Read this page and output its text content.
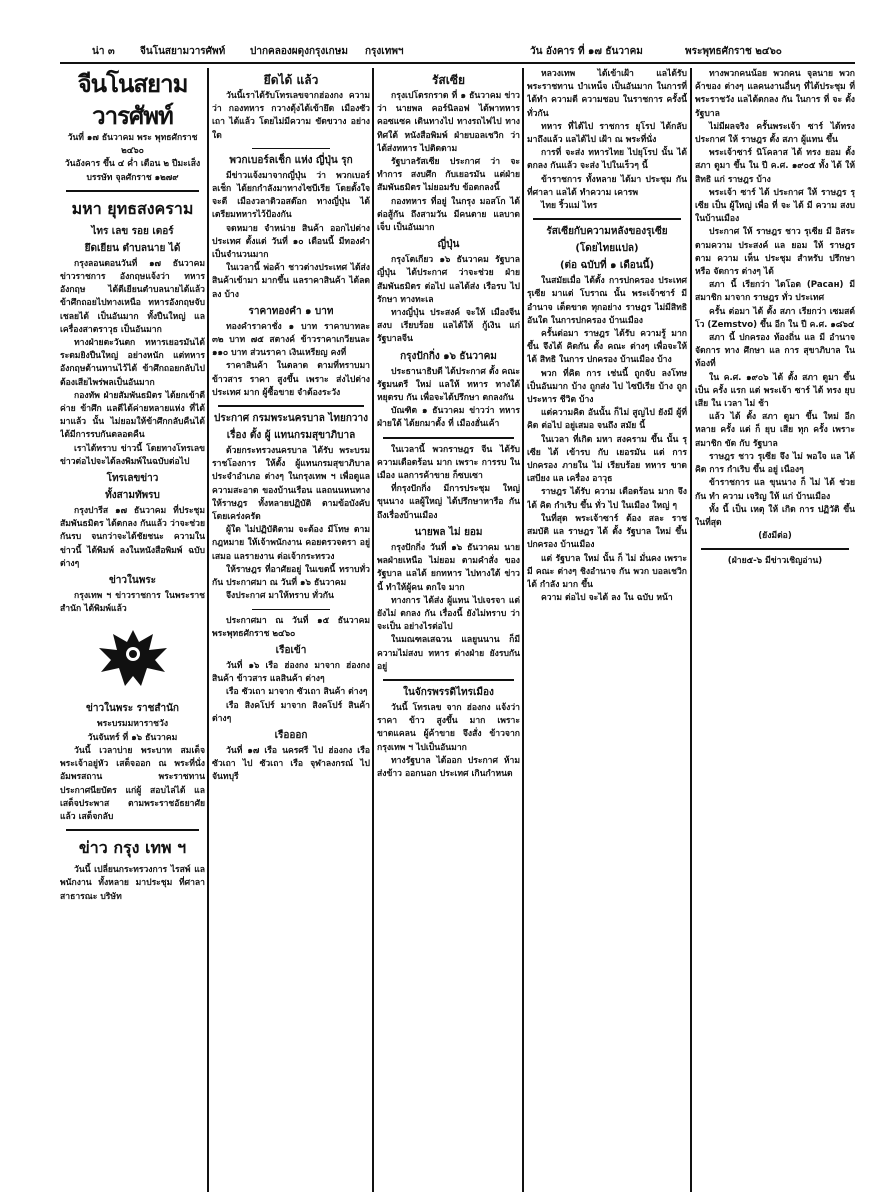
น่า ๓	จีนโนสยามวารศัพท์ ปากคลองผดุงกรุงเกษม กรุงเทพฯ	วัน อังคาร ที่ ๑๗ ธันวาคม	พระพุทธศักราช ๒๔๖๐
จีนโนสยามวารศัพท์
วันที่ ๑๗ ธันวาคม พระ พุทธศักราช ๒๔๖๐
วันอังคาร ขึ้น ๔ ค่ำ เดือน ๒ ปีมะเส็ง
บรรษัท จุลศักราช ๑๒๗๙
มหา ยุทธสงคราม
ไทร เลข รอย เตอร์
ยึดเยียน ตำบลนาย ได้

กรุงลอนดอนวันที่ ๑๗ ธันวาคม ข่าวราชการ อังกฤษแจ้งว่า ทหารอังกฤษ ได้ตีเยียนตำบลนายได้แล้ว ข้าศึกถอยไปทางเหนือ ทหารอังกฤษจับเชลยได้ เป็นอันมาก ทั้งปืนใหญ่ แลเครื่องสาตราวุธ เป็นอันมาก

ทางฝ่ายตะวันตก ทหารเยอรมันได้ ระดมยิงปืนใหญ่ อย่างหนัก แต่ทหารอังกฤษต้านทานไว้ได้ ข้าศึกถอยกลับไป ต้องเสียไพร่พลเป็นอันมาก

กองทัพ ฝ่ายสัมพันธมิตร ได้ยกเข้าตีค่าย ข้าศึก แลตีได้ค่ายหลายแห่ง ที่ได้มาแล้ว นั้น ไม่ยอมให้ข้าศึกกลับคืนได้ ได้มีการรบกันตลอดคืน

เราได้ทราบ ข่าวนี้ โดยทางโทรเลข ข่าวต่อไปจะได้ลงพิมพ์ในฉบับต่อไป

โทรเลขข่าว
ทั้งสามทัพรบ

กรุงปารีส ๑๗ ธันวาคม ที่ประชุม สัมพันธมิตร ได้ตกลง กันแล้ว ว่าจะช่วยกันรบ จนกว่าจะได้ชัยชนะ ความในข่าวนี้ ได้พิมพ์ ลงในหนังสือพิมพ์ ฉบับต่างๆ

ข่าวในพระ

กรุงเทพ ฯ ข่าวราชการ ในพระราชสำนัก ได้พิมพ์แล้ว

ข่าวในพระ ราชสำนัก
พระบรมมหาราชวัง
วันจันทร์ ที่ ๑๖ ธันวาคม

วันนี้ เวลาบ่าย พระบาท สมเด็จพระเจ้าอยู่หัว เสด็จออก ณ พระที่นั่ง อัมพรสถาน พระราชทานประกาศนียบัตร แก่ผู้ สอบไล่ได้ แลเสด็จประพาส ตามพระราชอัธยาศัย แล้ว เสด็จกลับ

ข่าว กรุง เทพ ฯ

วันนี้ เปลี่ยนกระทรวงการ ไรสพ์ แลพนักงาน ทั้งหลาย มาประชุม ที่ศาลา สาธารณะ บริษัท

ยึดได้ แล้ว

วันนี้เราได้รับโทรเลขจากฮ่องกง ความว่า กองทหาร กวางตุ้งได้เข้ายึด เมืองซัวเถา ได้แล้ว โดยไม่มีความ ขัดขวาง อย่างใด

พวกเบอร์ลเช็ก แห่ง ญี่ปุ่น รุก

มีข่าวแจ้งมาจากญี่ปุ่น ว่า พวกเบอร์ลเช็ก ได้ยกกำลังมาทางไซบีเรีย โดยตั้งใจจะตี เมืองวลาดิวอสต๊อก ทางญี่ปุ่น ได้เตรียมทหารไว้ป้องกัน

จดหมาย จำหน่าย สินค้า ออกไปต่างประเทศ ตั้งแต่ วันที่ ๑๐ เดือนนี้ มีทองคำ เป็นจำนวนมาก

ในเวลานี้ พ่อค้า ชาวต่างประเทศ ได้ส่ง สินค้าเข้ามา มากขึ้น แลราคาสินค้า ได้ลดลง บ้าง

ราคาทองคำ ๑ บาท

ทองคำราคาชั่ง ๑ บาท ราคาบาทละ ๓๒ บาท ๗๕ สตางค์ ข้าวราคาเกวียนละ ๑๑๐ บาท ส่วนราคา เงินเหรียญ คงที่

ราคาสินค้า ในตลาด ตามที่ทราบมา ข้าวสาร ราคา สูงขึ้น เพราะ ส่งไปต่างประเทศ มาก ผู้ซื้อขาย จำต้องระวัง

ประกาศ กรมพระนครบาล ไทยกวาง
เรื่อง ตั้ง ผู้ แทนกรมสุขาภิบาล

ด้วยกระทรวงนครบาล ได้รับ พระบรมราชโองการ ให้ตั้ง ผู้แทนกรมสุขาภิบาล ประจำอำเภอ ต่างๆ ในกรุงเทพ ฯ เพื่อดูแล ความสะอาด ของบ้านเรือน แลถนนหนทาง ให้ราษฎร ทั้งหลายปฏิบัติ ตามข้อบังคับ โดยเคร่งครัด

ผู้ใด ไม่ปฏิบัติตาม จะต้อง มีโทษ ตามกฎหมาย ให้เจ้าพนักงาน คอยตรวจตรา อยู่เสมอ แลรายงาน ต่อเจ้ากระทรวง

ให้ราษฎร ที่อาศัยอยู่ ในเขตนี้ ทราบทั่วกัน ประกาศมา ณ วันที่ ๑๖ ธันวาคม

จึงประกาศ มาให้ทราบ ทั่วกัน

ประกาศมา ณ วันที่ ๑๕ ธันวาคม พระพุทธศักราช ๒๔๖๐

เรือเข้า

วันที่ ๑๖ เรือ ฮ่องกง มาจาก ฮ่องกง สินค้า ข้าวสาร แลสินค้า ต่างๆ

เรือ ซัวเถา มาจาก ซัวเถา สินค้า ต่างๆ

เรือ สิงคโปร์ มาจาก สิงคโปร์ สินค้า ต่างๆ

เรือออก

วันที่ ๑๗ เรือ นครศรี ไป ฮ่องกง เรือ ซัวเถา ไป ซัวเถา เรือ จุฬาลงกรณ์ ไป จันทบุรี

รัสเซีย

กรุงเปโตรกราด ที่ ๑ ธันวาคม ข่าวว่า นายพล คอร์นิลอฟ ได้พาทหาร คอซแซค เดินทางไป ทางรถไฟไป ทางทิศใต้ หนังสือพิมพ์ ฝ่ายบอลเชวิก ว่า ได้ส่งทหาร ไปติดตาม

รัฐบาลรัสเซีย ประกาศ ว่า จะทำการ สงบศึก กับเยอรมัน แต่ฝ่าย สัมพันธมิตร ไม่ยอมรับ ข้อตกลงนี้

กองทหาร ที่อยู่ ในกรุง มอสโก ได้ต่อสู้กัน ถึงสามวัน มีคนตาย แลบาดเจ็บ เป็นอันมาก

ญี่ปุ่น

กรุงโตเกียว ๑๖ ธันวาคม รัฐบาลญี่ปุ่น ได้ประกาศ ว่าจะช่วย ฝ่ายสัมพันธมิตร ต่อไป แลได้ส่ง เรือรบ ไปรักษา ทางทะเล

ทางญี่ปุ่น ประสงค์ จะให้ เมืองจีน สงบ เรียบร้อย แลได้ให้ กู้เงิน แก่รัฐบาลจีน

กรุงปักกิ่ง ๑๖ ธันวาคม

ประธานาธิบดี ได้ประกาศ ตั้ง คณะรัฐมนตรี ใหม่ แลให้ ทหาร ทางใต้ หยุดรบ กัน เพื่อจะได้ปรึกษา ตกลงกัน

บัณฑิต ๑ ธันวาคม ข่าวว่า ทหารฝ่ายใต้ ได้ยกมาตั้ง ที่ เมืองฮั่นเค้า

ในเวลานี้ พวกราษฎร จีน ได้รับ ความเดือดร้อน มาก เพราะ การรบ ในเมือง แลการค้าขาย ก็ซบเซา

ที่กรุงปักกิ่ง มีการประชุม ใหญ่ ขุนนาง แลผู้ใหญ่ ได้ปรึกษาหารือ กัน ถึงเรื่องบ้านเมือง

นายพล ไม่ ยอม

กรุงปักกิ่ง วันที่ ๑๖ ธันวาคม นายพลฝ่ายเหนือ ไม่ยอม ตามคำสั่ง ของรัฐบาล แลได้ ยกทหาร ไปทางใต้ ข่าวนี้ ทำให้ผู้คน ตกใจ มาก

ทางการ ได้ส่ง ผู้แทน ไปเจรจา แต่ยังไม่ ตกลง กัน เรื่องนี้ ยังไม่ทราบ ว่าจะเป็น อย่างไรต่อไป

ในมณฑลเสฉวน แลยูนนาน ก็มี ความไม่สงบ ทหาร ต่างฝ่าย ยังรบกัน อยู่

ในจักรพรรดิไทรเมือง

วันนี้ โทรเลข จาก ฮ่องกง แจ้งว่า ราคา ข้าว สูงขึ้น มาก เพราะ ขาดแคลน ผู้ค้าขาย จึงสั่ง ข้าวจาก กรุงเทพ ฯ ไปเป็นอันมาก

ทางรัฐบาล ได้ออก ประกาศ ห้าม ส่งข้าว ออกนอก ประเทศ เกินกำหนด

หลวงเทพ ได้เข้าเฝ้า แลได้รับ พระราชทาน บำเหน็จ เป็นอันมาก ในการที่ ได้ทำ ความดี ความชอบ ในราชการ ครั้งนี้ ทั่วกัน

ทหาร ที่ได้ไป ราชการ ยุโรป ได้กลับ มาถึงแล้ว แลได้ไป เฝ้า ณ พระที่นั่ง

การที่ จะส่ง ทหารไทย ไปยุโรป นั้น ได้ตกลง กันแล้ว จะส่ง ไปในเร็วๆ นี้

ข้าราชการ ทั้งหลาย ได้มา ประชุม กัน ที่ศาลา แลได้ ทำความ เคารพ

ไทย ริ้วแม่ ไทร

รัสเซียกับความหลังของรุเซีย
(โดยไทยแปล)
(ต่อ ฉบับที่ ๑ เดือนนี้)

ในสมัยเมื่อ ได้ตั้ง การปกครอง ประเทศ รุเซีย มาแต่ โบราณ นั้น พระเจ้าซาร์ มีอำนาจ เด็ดขาด ทุกอย่าง ราษฎร ไม่มีสิทธิ อันใด ในการปกครอง บ้านเมือง

ครั้นต่อมา ราษฎร ได้รับ ความรู้ มากขึ้น จึงได้ คิดกัน ตั้ง คณะ ต่างๆ เพื่อจะให้ ได้ สิทธิ ในการ ปกครอง บ้านเมือง บ้าง

พวก ที่คิด การ เช่นนี้ ถูกจับ ลงโทษ เป็นอันมาก บ้าง ถูกส่ง ไป ไซบีเรีย บ้าง ถูกประหาร ชีวิต บ้าง

แต่ความคิด อันนั้น ก็ไม่ สูญไป ยังมี ผู้ที่ คิด ต่อไป อยู่เสมอ จนถึง สมัย นี้

ในเวลา ที่เกิด มหา สงคราม ขึ้น นั้น รุเซีย ได้ เข้ารบ กับ เยอรมัน แต่ การ ปกครอง ภายใน ไม่ เรียบร้อย ทหาร ขาด เสบียง แล เครื่อง อาวุธ

ราษฎร ได้รับ ความ เดือดร้อน มาก จึงได้ คิด กำเริบ ขึ้น ทั่ว ไป ในเมือง ใหญ่ ๆ

ในที่สุด พระเจ้าซาร์ ต้อง สละ ราช สมบัติ แล ราษฎร ได้ ตั้ง รัฐบาล ใหม่ ขึ้น ปกครอง บ้านเมือง

แต่ รัฐบาล ใหม่ นั้น ก็ ไม่ มั่นคง เพราะ มี คณะ ต่างๆ ชิงอำนาจ กัน พวก บอลเชวิก ได้ กำลัง มาก ขึ้น

ความ ต่อไป จะได้ ลง ใน ฉบับ หน้า

ทางพวกคนน้อย พวกคน จุลนาย พวกค้าของ ต่างๆ แลคนงานอื่นๆ ที่ได้ประชุม ที่ พระราชวัง แลได้ตกลง กัน ในการ ที่ จะ ตั้ง รัฐบาล

ไม่มีผลจริง ครั้นพระเจ้า ซาร์ ได้ทรง ประกาศ ให้ ราษฎร ตั้ง สภา ผู้แทน ขึ้น

พระเจ้าซาร์ นิโคลาส ได้ ทรง ยอม ตั้ง สภา ดูมา ขึ้น ใน ปี ค.ศ. ๑๙๐๕ ทั้ง ได้ ให้ สิทธิ แก่ ราษฎร บ้าง

พระเจ้า ซาร์ ได้ ประกาศ ให้ ราษฎร รุเซีย เป็น ผู้ใหญ่ เพื่อ ที่ จะ ได้ มี ความ สงบ ในบ้านเมือง

ประกาศ ให้ ราษฎร ชาว รุเซีย มี อิสระ ตามความ ประสงค์ แล ยอม ให้ ราษฎร ตาม ความ เห็น ประชุม สำหรับ ปรึกษา หรือ จัดการ ต่างๆ ได้

สภา นี้ เรียกว่า ไดโอต (Pacaн) มีสมาชิก มาจาก ราษฎร ทั่ว ประเทศ

ครั้น ต่อมา ได้ ตั้ง สภา เรียกว่า เซมสต์โว (Zemstvo) ขึ้น อีก ใน ปี ค.ศ. ๑๘๖๔

สภา นี้ ปกครอง ท้องถิ่น แล มี อำนาจ จัดการ ทาง ศึกษา แล การ สุขาภิบาล ในท้องที่

ใน ค.ศ. ๑๙๐๖ ได้ ตั้ง สภา ดูมา ขึ้น เป็น ครั้ง แรก แต่ พระเจ้า ซาร์ ได้ ทรง ยุบ เสีย ใน เวลา ไม่ ช้า

แล้ว ได้ ตั้ง สภา ดูมา ขึ้น ใหม่ อีก หลาย ครั้ง แต่ ก็ ยุบ เสีย ทุก ครั้ง เพราะ สมาชิก ขัด กับ รัฐบาล

ราษฎร ชาว รุเซีย จึง ไม่ พอใจ แล ได้ คิด การ กำเริบ ขึ้น อยู่ เนืองๆ

ข้าราชการ แล ขุนนาง ก็ ไม่ ได้ ช่วย กัน ทำ ความ เจริญ ให้ แก่ บ้านเมือง

ทั้ง นี้ เป็น เหตุ ให้ เกิด การ ปฏิวัติ ขึ้น ในที่สุด

(ยังมีต่อ)
(ฝ่าย๕-๖ มีข่าวเชิญอ่าน)
